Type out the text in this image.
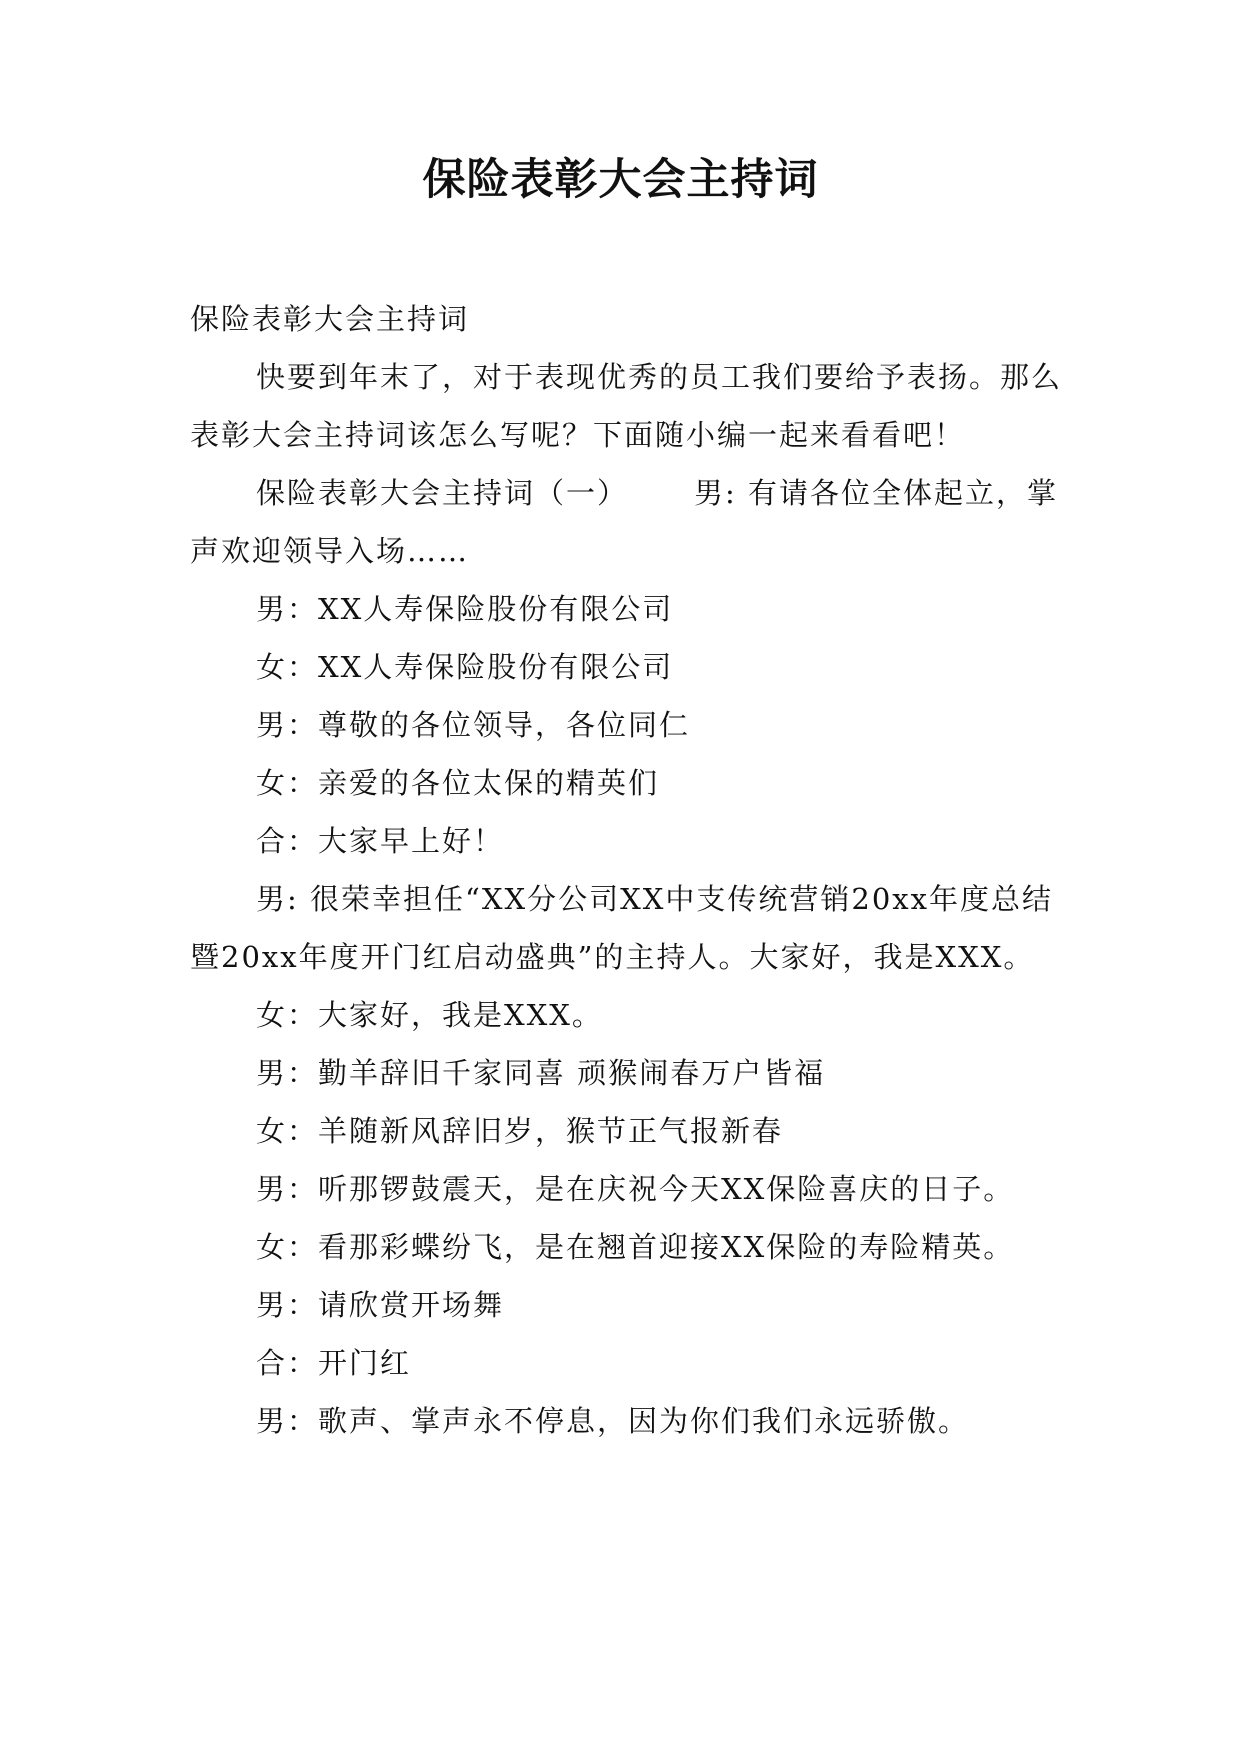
保险表彰大会主持词

保险表彰大会主持词

快要到年末了，对于表现优秀的员工我们要给予表扬。那么表彰大会主持词该怎么写呢？下面随小编一起来看看吧！

保险表彰大会主持词（一） 男: 有请各位全体起立，掌声欢迎领导入场……

男：XX人寿保险股份有限公司

女：XX人寿保险股份有限公司

男：尊敬的各位领导，各位同仁

女：亲爱的各位太保的精英们

合：大家早上好！

男: 很荣幸担任“XX分公司XX中支传统营销20xx年度总结暨20xx年度开门红启动盛典”的主持人。大家好，我是XXX。

女：大家好，我是XXX。

男：勤羊辞旧千家同喜 顽猴闹春万户皆福

女：羊随新风辞旧岁，猴节正气报新春

男：听那锣鼓震天，是在庆祝今天XX保险喜庆的日子。

女：看那彩蝶纷飞，是在翘首迎接XX保险的寿险精英。

男：请欣赏开场舞

合：开门红

男：歌声、掌声永不停息，因为你们我们永远骄傲。
